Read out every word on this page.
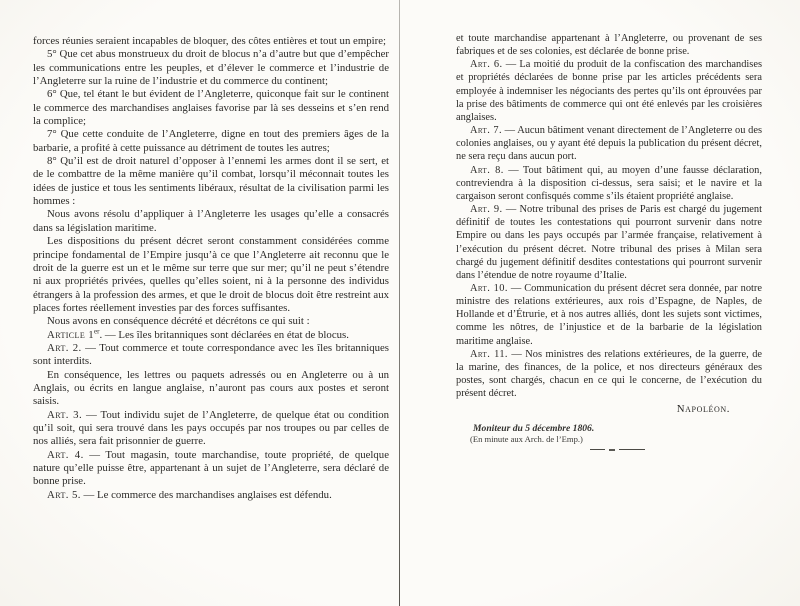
forces réunies seraient incapables de bloquer, des côtes entières et tout un empire;

5° Que cet abus monstrueux du droit de blocus n’a d’autre but que d’empêcher les communications entre les peuples, et d’élever le commerce et l’industrie de l’Angleterre sur la ruine de l’industrie et du commerce du continent;

6° Que, tel étant le but évident de l’Angleterre, quiconque fait sur le continent le commerce des marchandises anglaises favorise par là ses desseins et s’en rend la complice;

7° Que cette conduite de l’Angleterre, digne en tout des premiers âges de la barbarie, a profité à cette puissance au détriment de toutes les autres;

8° Qu’il est de droit naturel d’opposer à l’ennemi les armes dont il se sert, et de le combattre de la même manière qu’il combat, lorsqu’il méconnait toutes les idées de justice et tous les sentiments libéraux, résultat de la civilisation parmi les hommes :

Nous avons résolu d’appliquer à l’Angleterre les usages qu’elle a consacrés dans sa législation maritime.

Les dispositions du présent décret seront constamment considérées comme principe fondamental de l’Empire jusqu’à ce que l’Angleterre ait reconnu que le droit de la guerre est un et le même sur terre que sur mer; qu’il ne peut s’étendre ni aux propriétés privées, quelles qu’elles soient, ni à la personne des individus étrangers à la profession des armes, et que le droit de blocus doit être restreint aux places fortes réellement investies par des forces suffisantes.

Nous avons en conséquence décrété et décrétons ce qui suit :

Article 1er. — Les îles britanniques sont déclarées en état de blocus.

Art. 2. — Tout commerce et toute correspondance avec les îles britanniques sont interdits.

En conséquence, les lettres ou paquets adressés ou en Angleterre ou à un Anglais, ou écrits en langue anglaise, n’auront pas cours aux postes et seront saisis.

Art. 3. — Tout individu sujet de l’Angleterre, de quelque état ou condition qu’il soit, qui sera trouvé dans les pays occupés par nos troupes ou par celles de nos alliés, sera fait prisonnier de guerre.

Art. 4. — Tout magasin, toute marchandise, toute propriété, de quelque nature qu’elle puisse être, appartenant à un sujet de l’Angleterre, sera déclaré de bonne prise.

Art. 5. — Le commerce des marchandises anglaises est défendu.

et toute marchandise appartenant à l’Angleterre, ou provenant de ses fabriques et de ses colonies, est déclarée de bonne prise.

Art. 6. — La moitié du produit de la confiscation des marchandises et propriétés déclarées de bonne prise par les articles précédents sera employée à indemniser les négociants des pertes qu’ils ont éprouvées par la prise des bâtiments de commerce qui ont été enlevés par les croisières anglaises.

Art. 7. — Aucun bâtiment venant directement de l’Angleterre ou des colonies anglaises, ou y ayant été depuis la publication du présent décret, ne sera reçu dans aucun port.

Art. 8. — Tout bâtiment qui, au moyen d’une fausse déclaration, contreviendra à la disposition ci-dessus, sera saisi; et le navire et la cargaison seront confisqués comme s’ils étaient propriété anglaise.

Art. 9. — Notre tribunal des prises de Paris est chargé du jugement définitif de toutes les contestations qui pourront survenir dans notre Empire ou dans les pays occupés par l’armée française, relativement à l’exécution du présent décret. Notre tribunal des prises à Milan sera chargé du jugement définitif desdites contestations qui pourront survenir dans l’étendue de notre royaume d’Italie.

Art. 10. — Communication du présent décret sera donnée, par notre ministre des relations extérieures, aux rois d’Espagne, de Naples, de Hollande et d’Étrurie, et à nos autres alliés, dont les sujets sont victimes, comme les nôtres, de l’injustice et de la barbarie de la législation maritime anglaise.

Art. 11. — Nos ministres des relations extérieures, de la guerre, de la marine, des finances, de la police, et nos directeurs généraux des postes, sont chargés, chacun en ce qui le concerne, de l’exécution du présent décret.

Napoléon.
Moniteur du 5 décembre 1806.
(En minute aux Arch. de l’Emp.)
